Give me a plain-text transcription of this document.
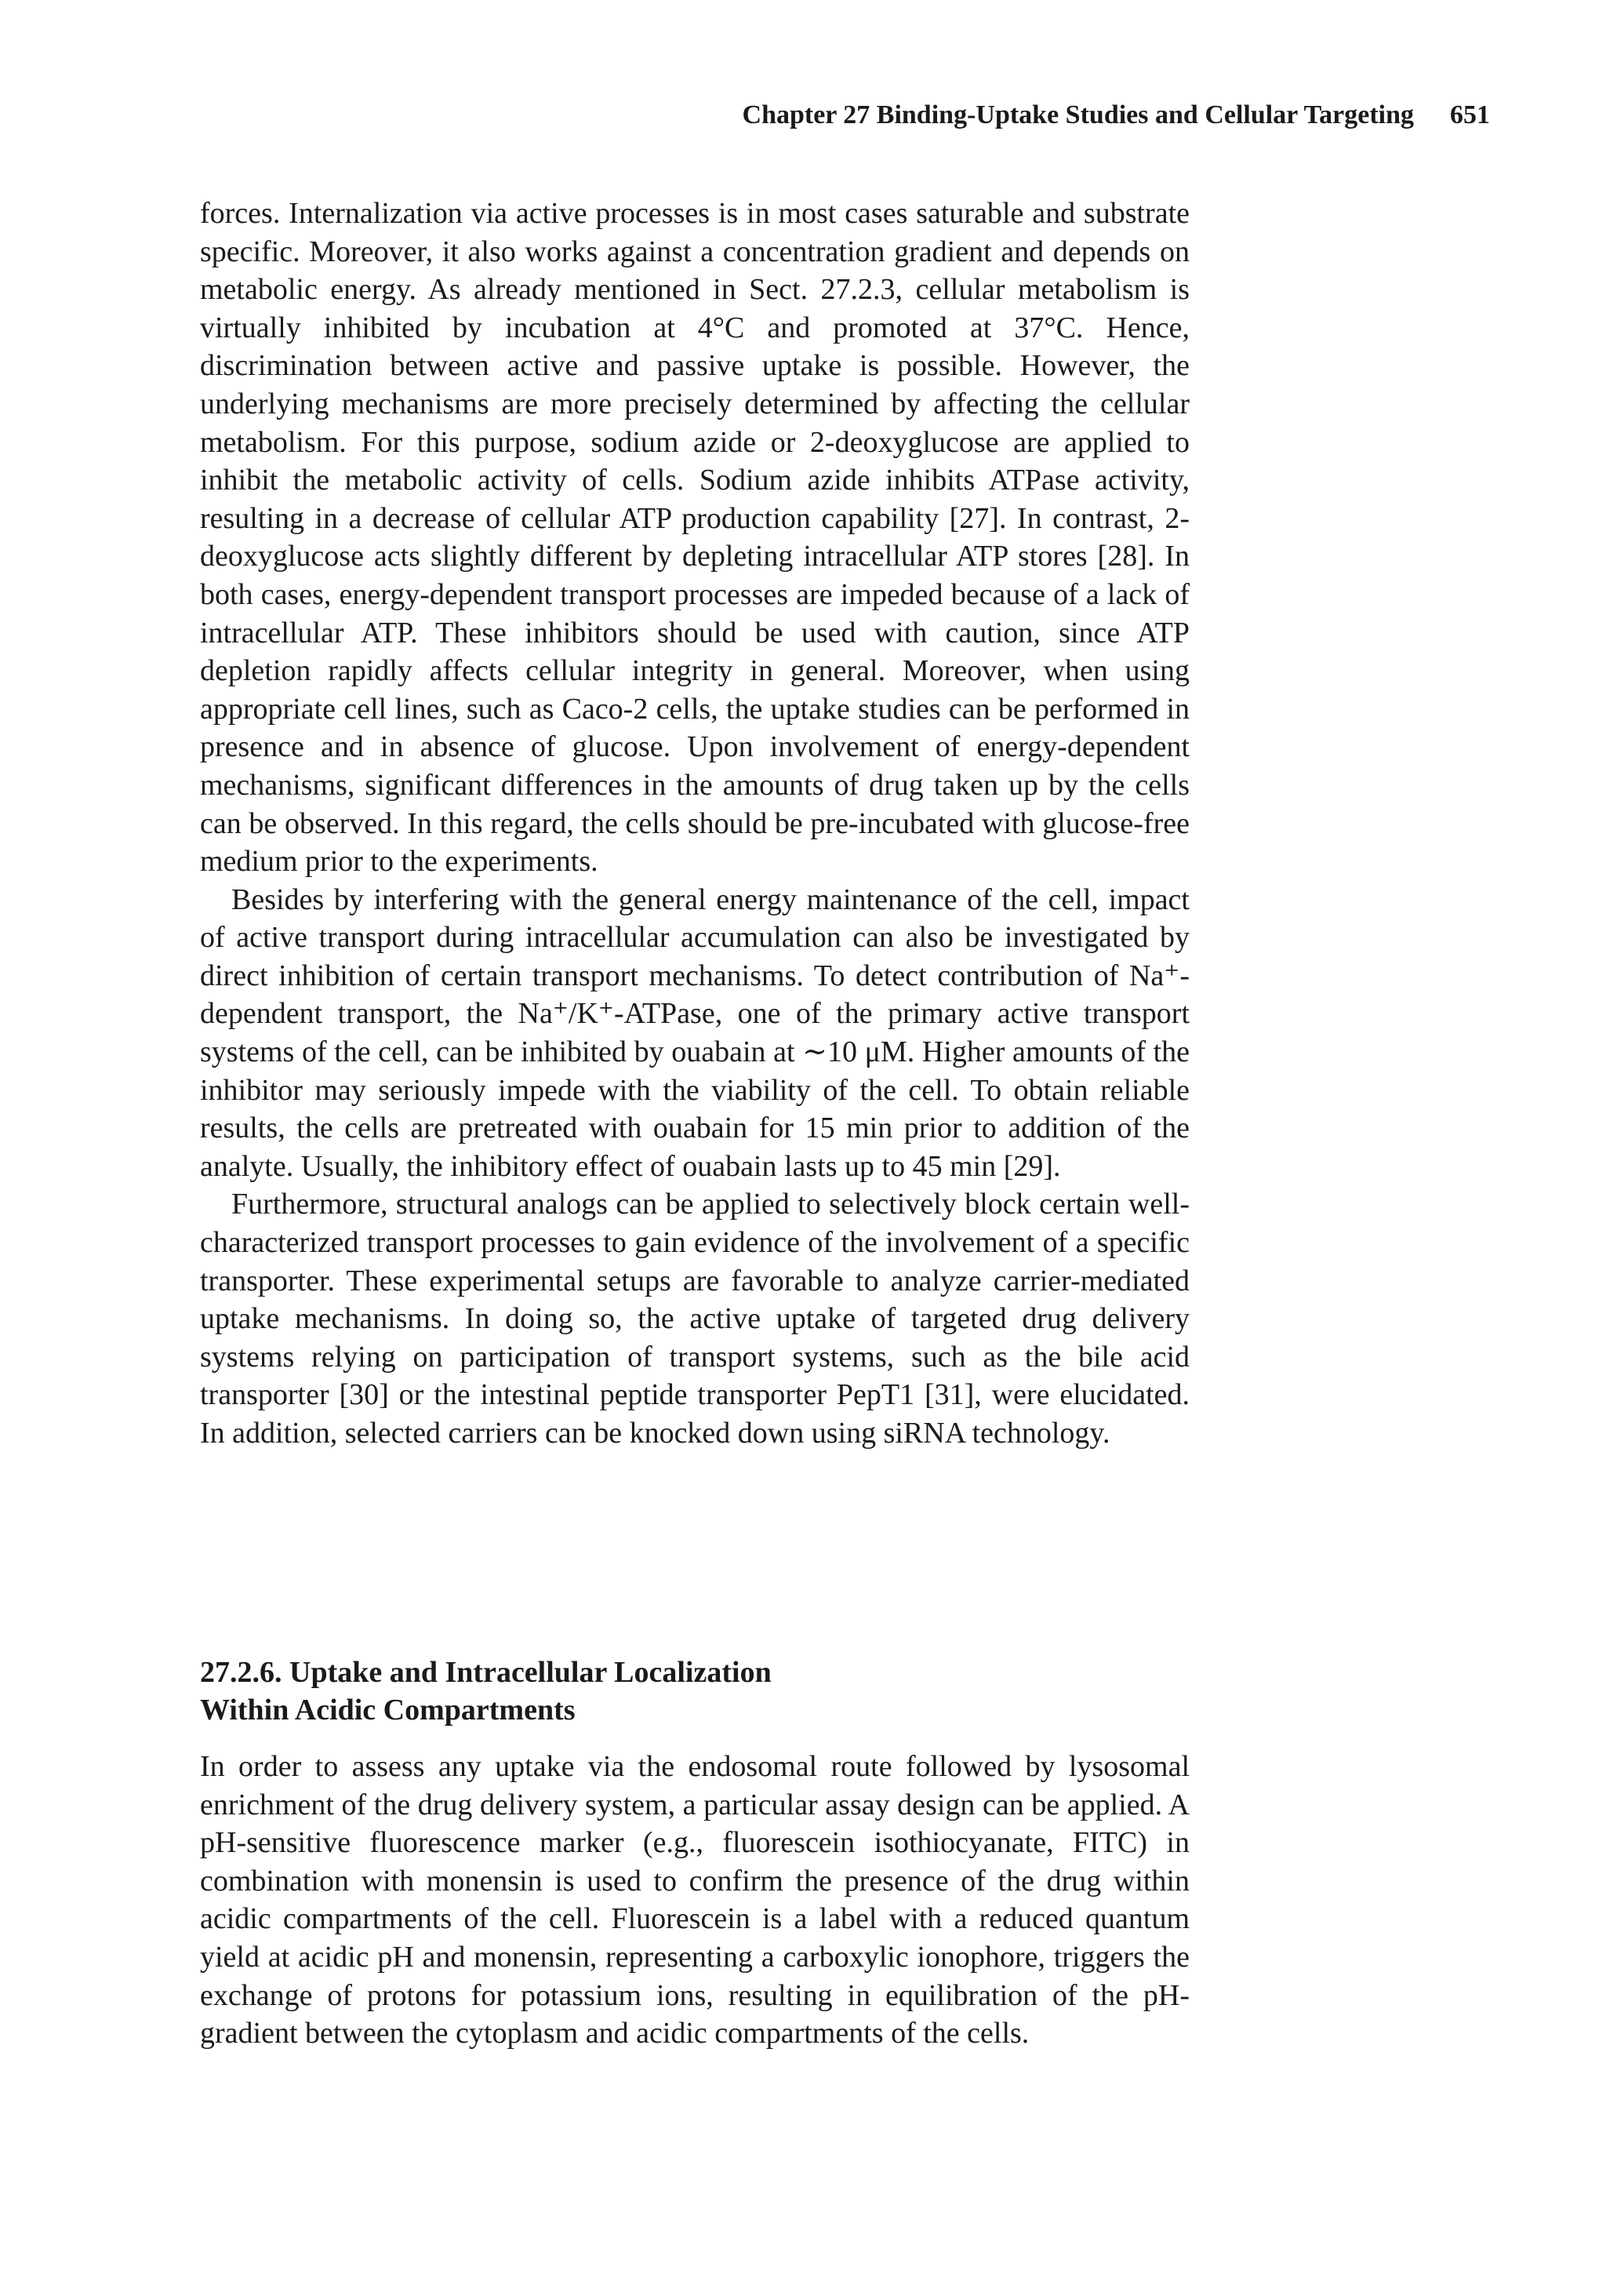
Chapter 27 Binding-Uptake Studies and Cellular Targeting 651

forces. Internalization via active processes is in most cases saturable and substrate specific. Moreover, it also works against a concentration gradient and depends on metabolic energy. As already mentioned in Sect. 27.2.3, cellular metabolism is virtually inhibited by incubation at 4°C and promoted at 37°C. Hence, discrimination between active and passive uptake is possible. However, the underlying mechanisms are more precisely determined by affecting the cellular metabolism. For this purpose, sodium azide or 2-deoxyglucose are applied to inhibit the metabolic activity of cells. Sodium azide inhibits ATPase activity, resulting in a decrease of cellular ATP production capability [27]. In contrast, 2-deoxyglucose acts slightly different by depleting intracellular ATP stores [28]. In both cases, energy-dependent transport processes are impeded because of a lack of intracellular ATP. These inhibitors should be used with caution, since ATP depletion rapidly affects cellular integrity in general. Moreover, when using appropriate cell lines, such as Caco-2 cells, the uptake studies can be performed in presence and in absence of glucose. Upon involvement of energy-dependent mechanisms, significant differences in the amounts of drug taken up by the cells can be observed. In this regard, the cells should be pre-incubated with glucose-free medium prior to the experiments.

Besides by interfering with the general energy maintenance of the cell, impact of active transport during intracellular accumulation can also be investigated by direct inhibition of certain transport mechanisms. To detect contribution of Na⁺-dependent transport, the Na⁺/K⁺-ATPase, one of the primary active transport systems of the cell, can be inhibited by ouabain at ∼10 μM. Higher amounts of the inhibitor may seriously impede with the viability of the cell. To obtain reliable results, the cells are pretreated with ouabain for 15 min prior to addition of the analyte. Usually, the inhibitory effect of ouabain lasts up to 45 min [29].

Furthermore, structural analogs can be applied to selectively block certain well-characterized transport processes to gain evidence of the involvement of a specific transporter. These experimental setups are favorable to analyze carrier-mediated uptake mechanisms. In doing so, the active uptake of targeted drug delivery systems relying on participation of transport systems, such as the bile acid transporter [30] or the intestinal peptide transporter PepT1 [31], were elucidated. In addition, selected carriers can be knocked down using siRNA technology.

27.2.6. Uptake and Intracellular Localization
Within Acidic Compartments

In order to assess any uptake via the endosomal route followed by lysosomal enrichment of the drug delivery system, a particular assay design can be applied. A pH-sensitive fluorescence marker (e.g., fluorescein isothiocyanate, FITC) in combination with monensin is used to confirm the presence of the drug within acidic compartments of the cell. Fluorescein is a label with a reduced quantum yield at acidic pH and monensin, representing a carboxylic ionophore, triggers the exchange of protons for potassium ions, resulting in equilibration of the pH-gradient between the cytoplasm and acidic compartments of the cells.
